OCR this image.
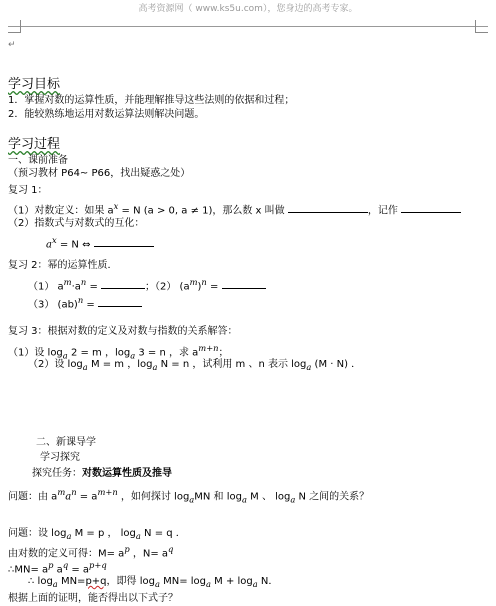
高考资源网（ www.ks5u.com），您身边的高考专家。
↵
学习目标
1．掌握对数的运算性质，并能理解推导这些法则的依据和过程；
2．能较熟练地运用对数运算法则解决问题。
学习过程
一、课前准备
（预习教材 P64~ P66，找出疑惑之处）
复习 1：
（1）对数定义：如果 $a^x = N$ (a > 0, a ≠ 1)，那么数 x 叫做	，记作
（2）指数式与对数式的互化：
$a^x = N$ ⇔
复习 2：幂的运算性质．
（1） $a^m\cdot a^n$ =	；（2） $(a^m)^n$ =
（3） (ab)$^n$ =
复习 3：根据对数的定义及对数与指数的关系解答：
（1）设 $\log_a 2 = m$ ，$\log_a 3 = n$ ，求 $a^{m+n}$；
（2）设 $\log_a M = m$ ，$\log_a N = n$ ，试利用 m 、n 表示 $\log_a (M \cdot N)$ ．
二、新课导学
学习探究
探究任务：对数运算性质及推导
问题：由 $a^ma^n = a^{m+n}$ ，如何探讨 $\log_aMN$ 和 $\log_a M$ 、 $\log_a N$ 之间的关系？
问题：设 $\log_a M = p$ ， $\log_a N = q$ ．
由对数的定义可得：$M= a^p$ ，$N= a^q$
∴MN= $a^p$ $a^q = a^{p+q}$
∴ $\log_a MN=p+q$，即得 $\log_a MN= \log_a M + \log_a N$．
根据上面的证明，能否得出以下式子？
